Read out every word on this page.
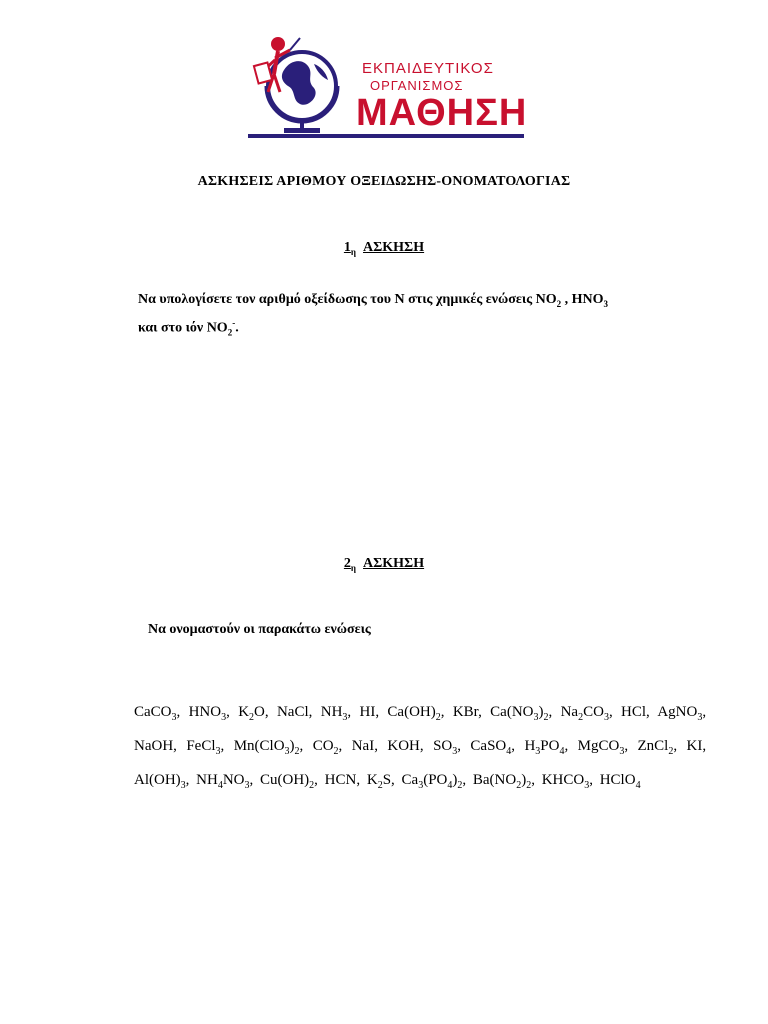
ΕΚΠΑΙΔΕΥΤΙΚΟΣ
ΟΡΓΑΝΙΣΜΟΣ
ΜΑΘΗΣΗ
ΑΣΚΗΣΕΙΣ ΑΡΙΘΜΟΥ ΟΞΕΙΔΩΣΗΣ-ΟΝΟΜΑΤΟΛΟΓΙΑΣ
$1_\eta$ ΑΣΚΗΣΗ
Να υπολογίσετε τον αριθμό οξείδωσης του Ν στις χημικές ενώσεις $NO_2$ , $HNO_3$
και στο ιόν $NO_2^-$.
$2_\eta$ ΑΣΚΗΣΗ
Να ονομαστούν οι παρακάτω ενώσεις
CaCO$_3$, $HNO_3$, $K_2O$, NaCl, $NH_3$, HI, $Ca(OH)_2$, KBr, $Ca(NO_3)_2$, $Na_2CO_3$, HCl, AgNO$_3$, NaOH, FeCl$_3$, $Mn(ClO_3)_2$, $CO_2$, NaI, KOH, $SO_3$, CaSO$_4$, $H_3PO_4$, MgCO$_3$, ZnCl$_2$, KI, $Al(OH)_3$, $NH_4NO_3$, $Cu(OH)_2$, HCN, $K_2S$, $Ca_3(PO_4)_2$, $Ba(NO_2)_2$, $KHCO_3$, HClO$_4$
